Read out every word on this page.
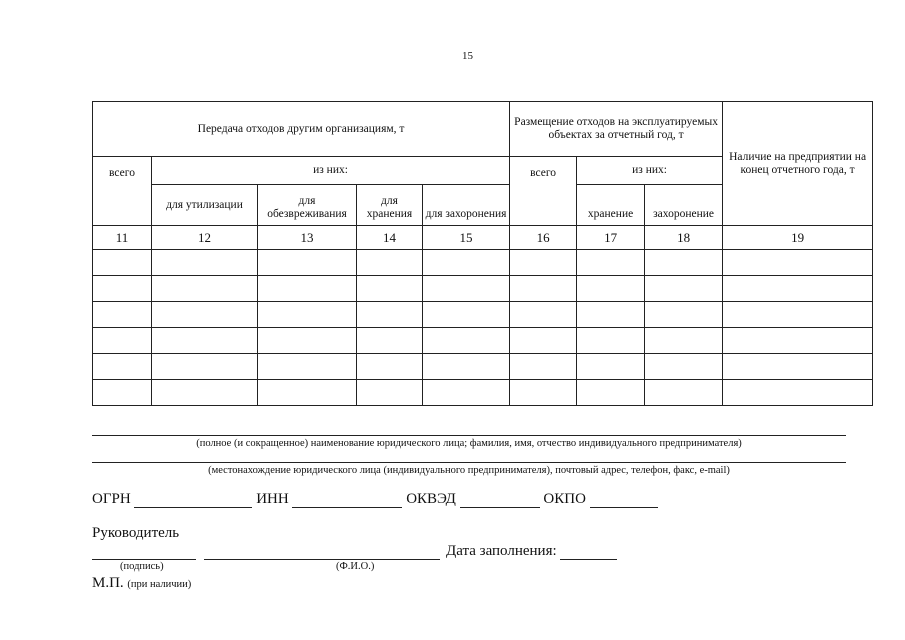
15
Передача отходов другим организациям, т					Размещение отходов на эксплуатируемых объектах за отчетный год, т			Наличие на предприятии на конец отчетного года, т
всего	из них:				всего	из них:		
	для утилизации	для обезвреживания	для хранения	для захоронения		хранение	захоронение	
11	12	13	14	15	16	17	18	19

(полное (и сокращенное) наименование юридического лица; фамилия, имя, отчество индивидуального предпринимателя)
(местонахождение юридического лица (индивидуального предпринимателя), почтовый адрес, телефон, факс, e-mail)
ОГРН	ИНН	ОКВЭД	ОКПО
Руководитель
Дата заполнения:
(подпись)	(Ф.И.О.)
М.П. (при наличии)
